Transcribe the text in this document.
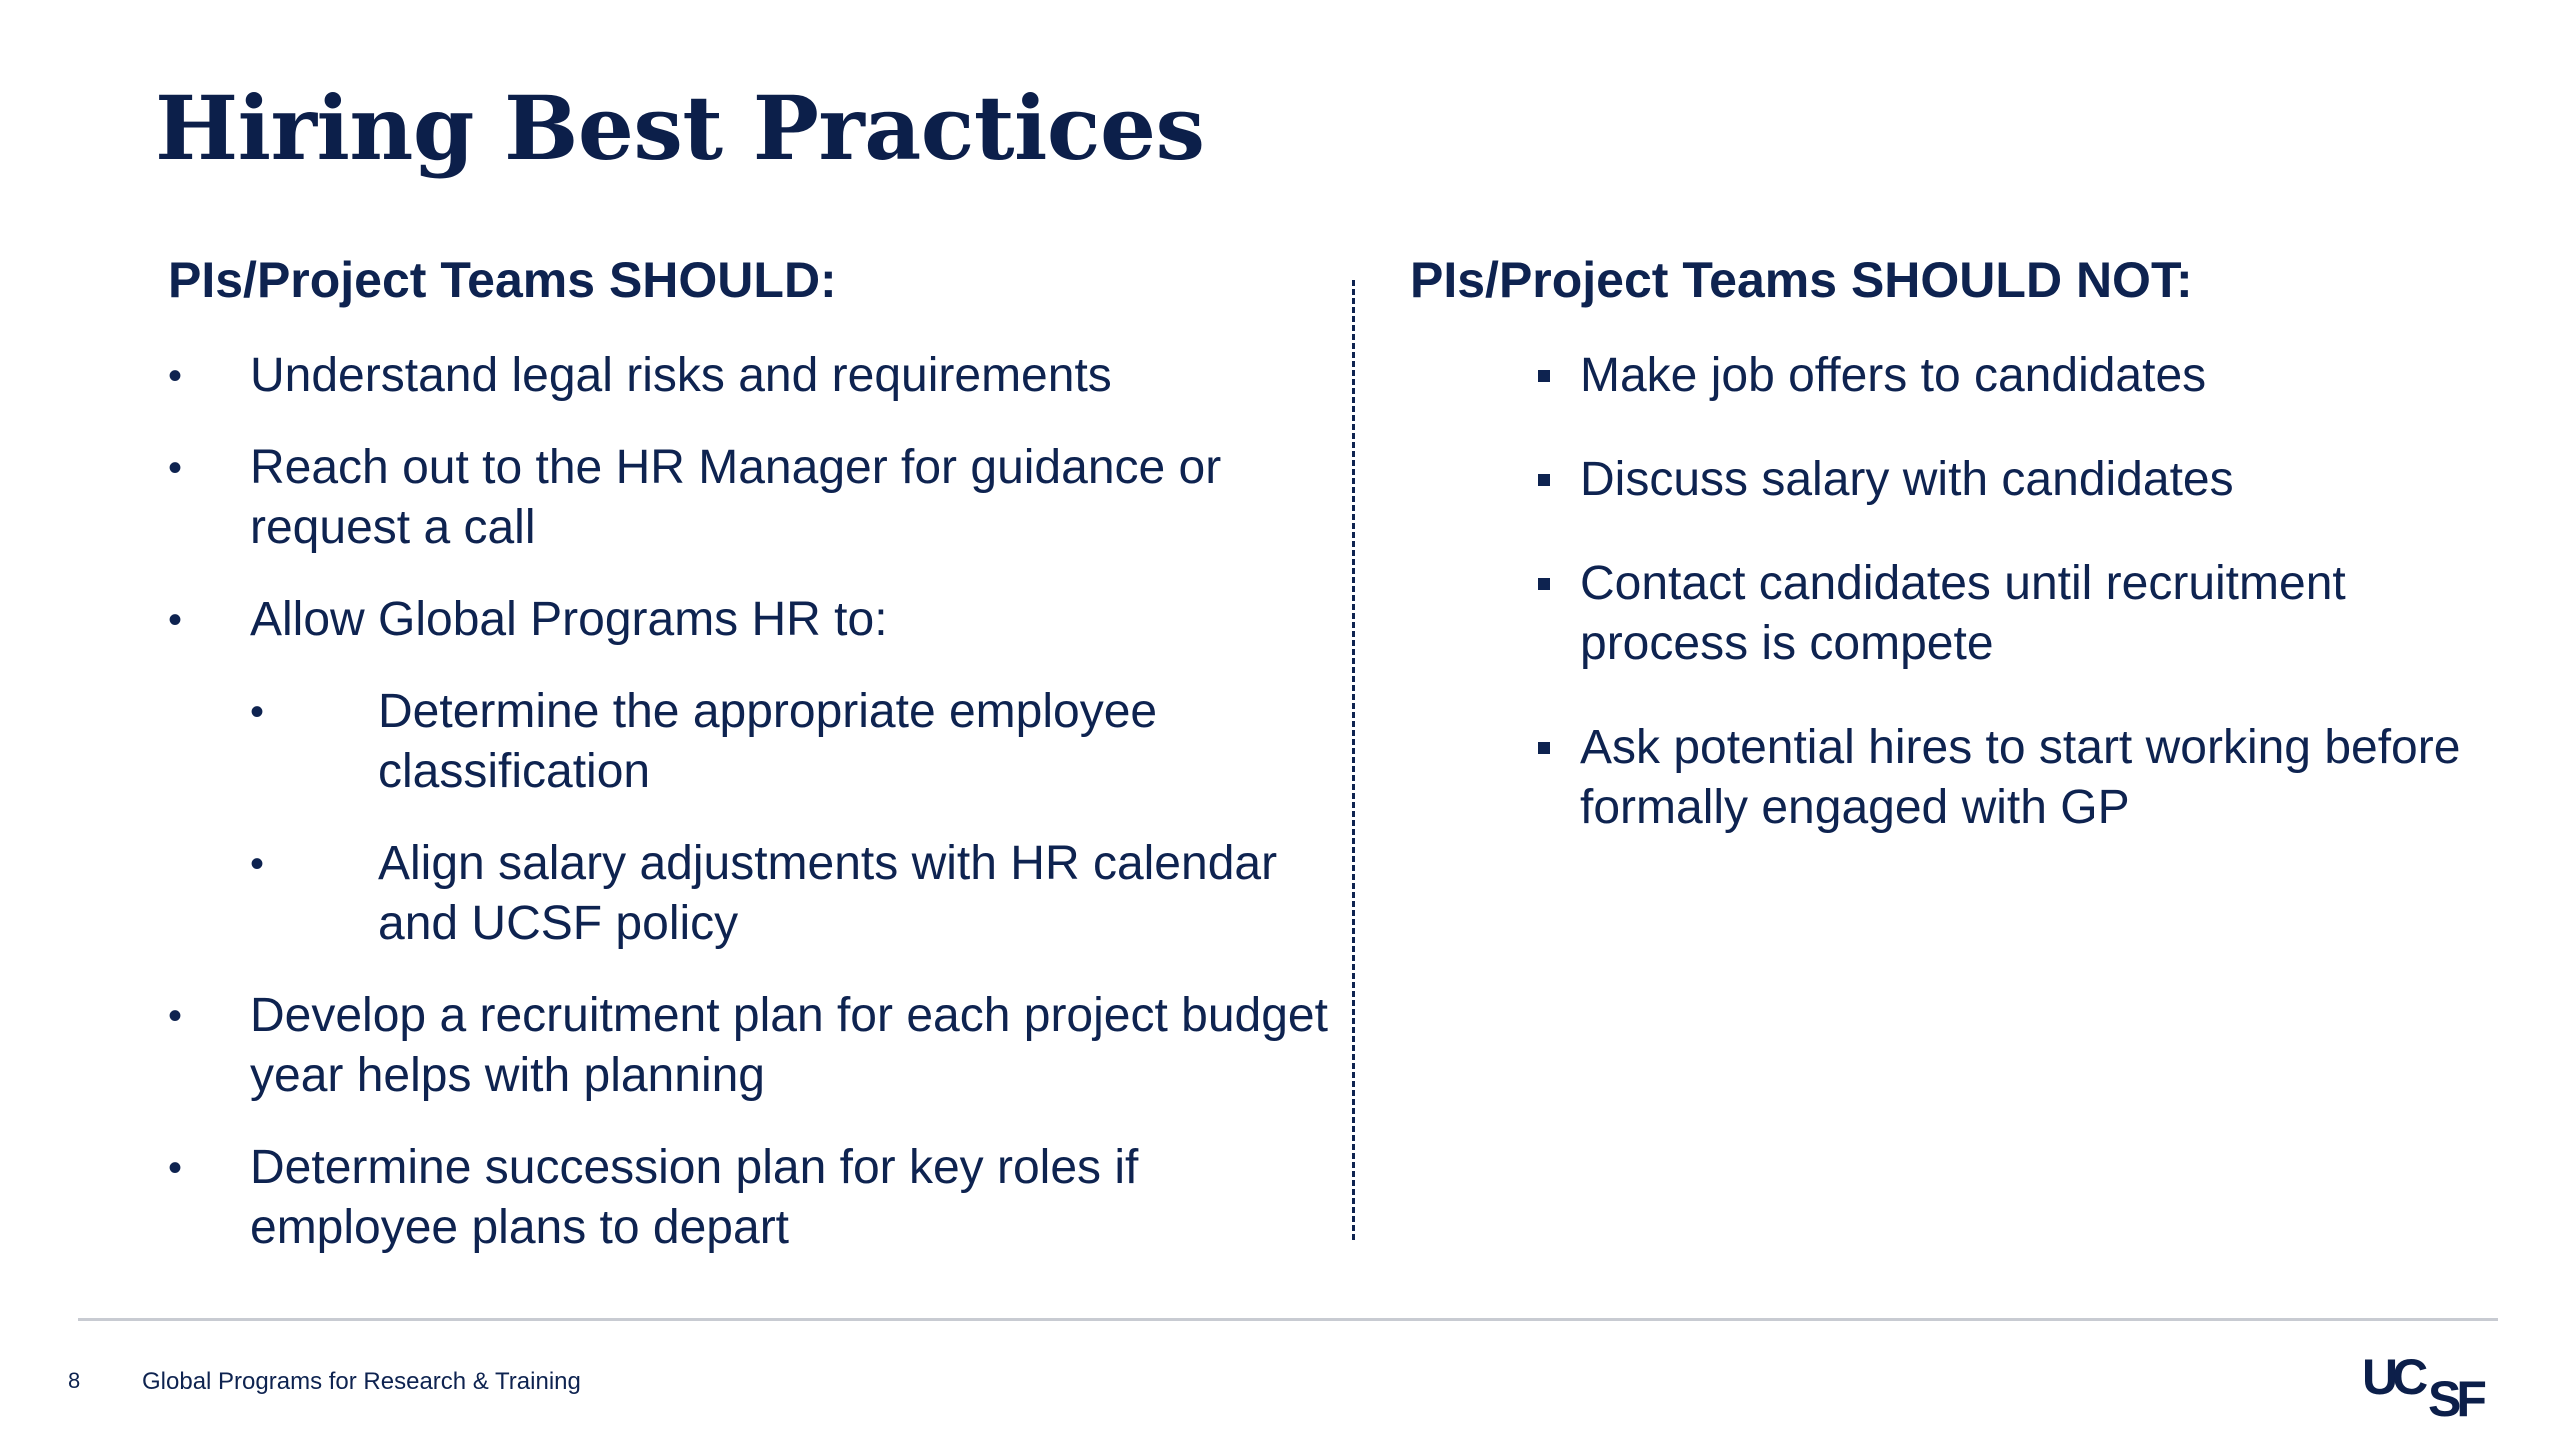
Hiring Best Practices
PIs/Project Teams SHOULD:
• Understand legal risks and requirements
• Reach out to the HR Manager for guidance or request a call
• Allow Global Programs HR to:
• Determine the appropriate employee classification
• Align salary adjustments with HR calendar and UCSF policy
• Develop a recruitment plan for each project budget year helps with planning
• Determine succession plan for key roles if employee plans to depart
PIs/Project Teams SHOULD NOT:
Make job offers to candidates
Discuss salary with candidates
Contact candidates until recruitment process is compete
Ask potential hires to start working before formally engaged with GP
8	Global Programs for Research & Training	UC SF
